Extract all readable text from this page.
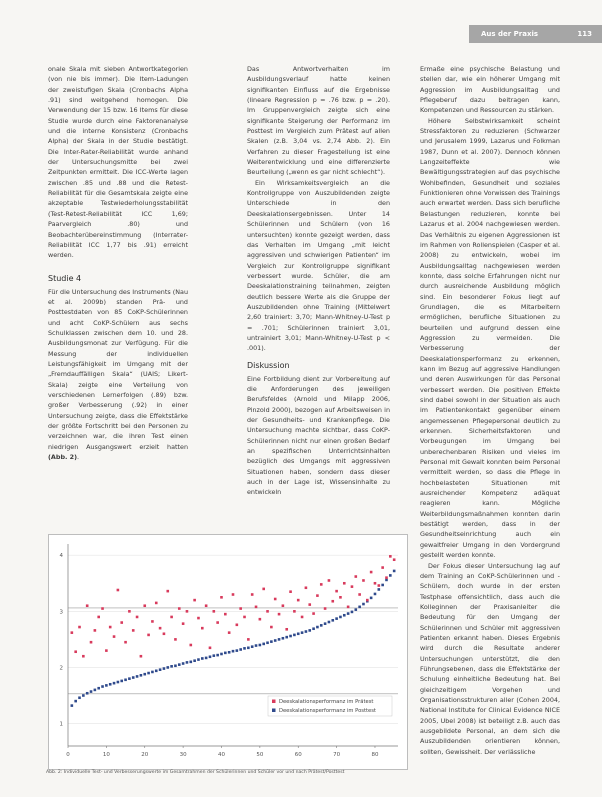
Aus der Praxis	113

onale Skala mit sieben Antwortkategorien (von nie bis immer). Die Item-Ladungen der zweistufigen Skala (Cronbachs Alpha .91) sind weitgehend homogen. Die Verwendung der 15 bzw. 16 Items für diese Studie wurde durch eine Faktorenanalyse und die interne Konsistenz (Cronbachs Alpha) der Skala in der Studie bestätigt. Die Inter-Rater-Reliabilität wurde anhand der Untersuchungsmitte bei zwei Zeitpunkten ermittelt. Die ICC-Werte lagen zwischen .85 und .88 und die Retest-Reliabilität für die Gesamtskala zeigte eine akzeptable Testwiederholungsstabilität (Test-Retest-Reliabilität ICC 1,69; Paarvergleich .80) und Beobachterübereinstimmung (Interrater-Reliabilität ICC 1,77 bis .91) erreicht werden.

Studie 4

Für die Untersuchung des Instruments (Nau et al. 2009b) standen Prä- und Posttestdaten von 85 CoKP-Schülerinnen und acht CoKP-Schülern aus sechs Schulklassen zwischen dem 10. und 28. Ausbildungsmonat zur Verfügung. Für die Messung der individuellen Leistungsfähigkeit im Umgang mit der „Fremdauffälligen Skala“ (UAIS; Likert-Skala) zeigte eine Verteilung von verschiedenen Lernerfolgen (.89) bzw. großer Verbesserung (.92) in einer Untersuchung zeigte, dass die Effektstärke der größte Fortschritt bei den Personen zu verzeichnen war, die ihren Test einen niedrigen Ausgangswert erzielt hatten (Abb. 2).

Das Antwortverhalten im Ausbildungsverlauf hatte keinen signifikanten Einfluss auf die Ergebnisse (lineare Regression p = .76 bzw. p = .20). Im Gruppenvergleich zeigte sich eine signifikante Steigerung der Performanz im Posttest im Vergleich zum Prätest auf allen Skalen (z.B. 3,04 vs. 2,74 Abb. 2). Ein Verfahren zu dieser Fragestellung ist eine Weiterentwicklung und eine differenzierte Beurteilung („wenn es gar nicht schlecht“).

Ein Wirksamkeitsvergleich an die Kontrollgruppe von Auszubildenden zeigte Unterschiede in den Deeskalationsergebnissen. Unter 14 Schülerinnen und Schülern (von 16 untersuchten) konnte gezeigt werden, dass das Verhalten im Umgang „mit leicht aggressiven und schwierigen Patienten“ im Vergleich zur Kontrollgruppe signifikant verbessert wurde. Schüler, die am Deeskalationstraining teilnahmen, zeigten deutlich bessere Werte als die Gruppe der Auszubildenden ohne Training (Mittelwert 2,60 trainiert: 3,70; Mann-Whitney-U-Test p = .701; Schülerinnen trainiert 3,01, untrainiert 3,01; Mann-Whitney-U-Test p < .001).

Diskussion

Eine Fortbildung dient zur Vorbereitung auf die Anforderungen des jeweiligen Berufsfeldes (Arnold und Milapp 2006, Pinzold 2000), bezogen auf Arbeitsweisen in der Gesundheits- und Krankenpflege. Die Untersuchung machte sichtbar, dass CoKP-Schülerinnen nicht nur einen großen Bedarf an spezifischen Unterrichtsinhalten bezüglich des Umgangs mit aggressiven Situationen haben, sondern dass dieser auch in der Lage ist, Wissensinhalte zu entwickeln

Ermaße eine psychische Belastung und stellen dar, wie ein höherer Umgang mit Aggression im Ausbildungsalltag und Pflegeberuf dazu beitragen kann, Kompetenzen und Ressourcen zu stärken.

Höhere Selbstwirksamkeit scheint Stressfaktoren zu reduzieren (Schwarzer und Jerusalem 1999, Lazarus und Folkman 1987, Dunn et al. 2007). Dennoch können Langzeiteffekte wie Bewältigungsstrategien auf das psychische Wohlbefinden, Gesundheit und soziales Funktionieren ohne Vorwissen des Trainings auch erwartet werden. Dass sich berufliche Belastungen reduzieren, konnte bei Lazarus et al. 2004 nachgewiesen werden. Das Verhältnis zu eigenen Aggressionen ist im Rahmen von Rollenspielen (Casper et al. 2008) zu entwickeln, wobei im Ausbildungsalltag nachgewiesen werden konnte, dass solche Erfahrungen nicht nur durch ausreichende Ausbildung möglich sind. Ein besonderer Fokus liegt auf Grundlagen, die es Mitarbeitern ermöglichen, berufliche Situationen zu beurteilen und aufgrund dessen eine Aggression zu vermeiden. Die Verbesserung der Deeskalationsperformanz zu erkennen, kann im Bezug auf aggressive Handlungen und deren Auswirkungen für das Personal verbessert werden. Die positiven Effekte sind dabei sowohl in der Situation als auch im Patientenkontakt gegenüber einem angemessenen Pflegepersonal deutlich zu erkennen. Sicherheitsfaktoren und Vorbeugungen im Umgang bei unberechenbaren Risiken und vieles im Personal mit Gewalt konnten beim Personal vermittelt werden, so dass die Pflege in hochbelasteten Situationen mit ausreichender Kompetenz adäquat reagieren kann. Mögliche Weiterbildungsmaßnahmen konnten darin bestätigt werden, dass in der Gesundheitseinrichtung auch ein gewaltfreier Umgang in den Vordergrund gestellt werden konnte.

Der Fokus dieser Untersuchung lag auf dem Training an CoKP-Schülerinnen und -Schülern, doch wurde in der ersten Testphase offensichtlich, dass auch die Kolleginnen der Praxisanleiter die Bedeutung für den Umgang der Schülerinnen und Schüler mit aggressiven Patienten erkannt haben. Dieses Ergebnis wird durch die Resultate anderer Untersuchungen unterstützt, die den Führungsebenen, dass die Effektstärke der Schulung einheitliche Bedeutung hat. Bei gleichzeitigem Vorgehen und Organisationsstrukturen aller (Cohen 2004, National Institute for Clinical Evidence NICE 2005, Ubel 2008) ist beteiligt z.B. auch das ausgebildete Personal, an dem sich die Auszubildenden orientieren können, sollten, Gewissheit. Der verlässliche

1
2
3
4
0	10	20	30	40	50	60	70	80
Deeskalationsperformanz im Prätest
Deeskalationsperformanz im Posttest
Abb. 2: Individuelle Test- und Verbesserungswerte im Gesamtrahmen der Schülerinnen und Schüler vor und nach Prätest/Posttest
